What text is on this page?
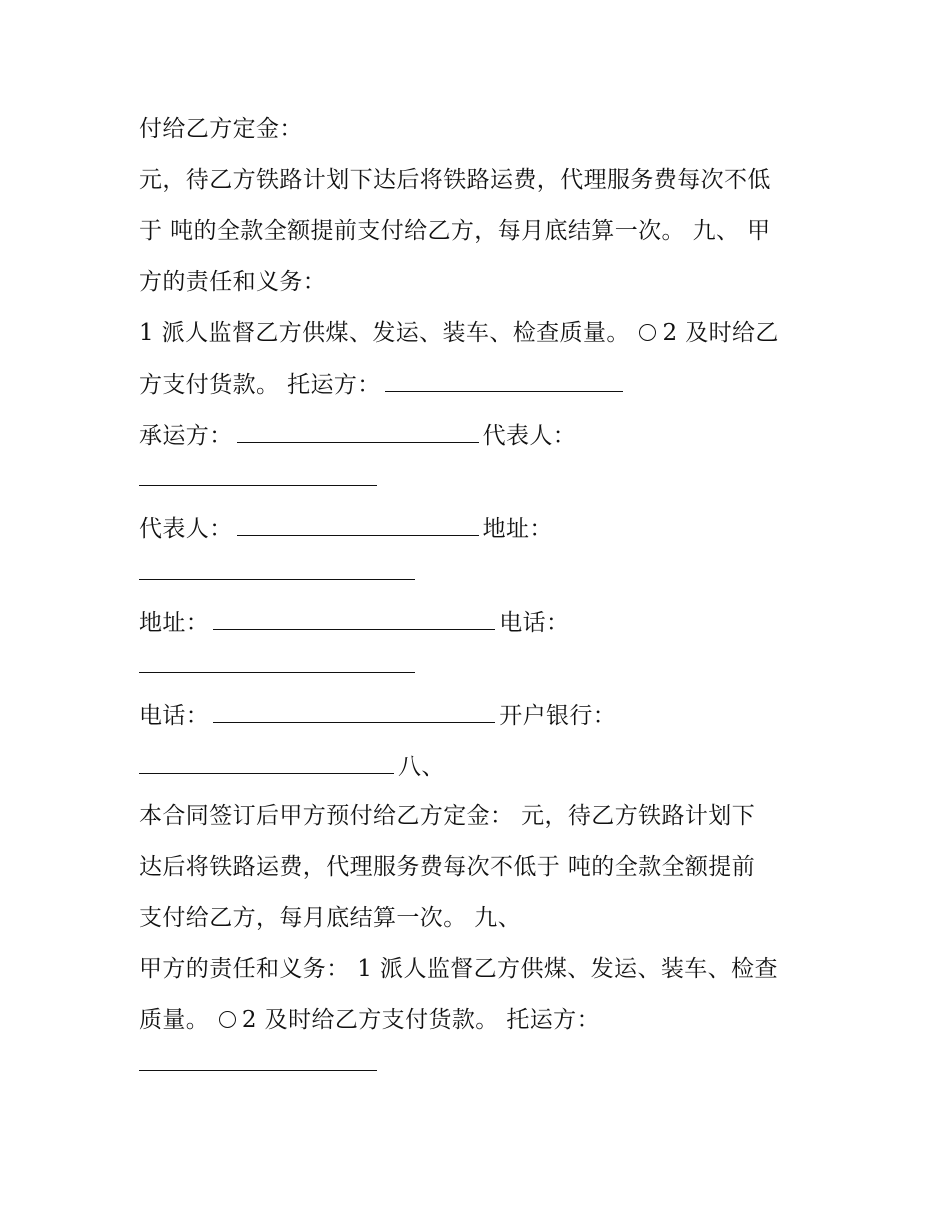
付给乙方定金：
元，待乙方铁路计划下达后将铁路运费，代理服务费每次不低
于 吨的全款全额提前支付给乙方，每月底结算一次。 九、 甲
方的责任和义务：
1 派人监督乙方供煤、发运、装车、检查质量。 2 及时给乙
方支付货款。 托运方：
承运方：	代表人：
代表人：	地址：
地址：	电话：
电话：	开户银行：
八、
本合同签订后甲方预付给乙方定金： 元，待乙方铁路计划下
达后将铁路运费，代理服务费每次不低于 吨的全款全额提前
支付给乙方，每月底结算一次。 九、
甲方的责任和义务： 1 派人监督乙方供煤、发运、装车、检查
质量。 2 及时给乙方支付货款。 托运方：
